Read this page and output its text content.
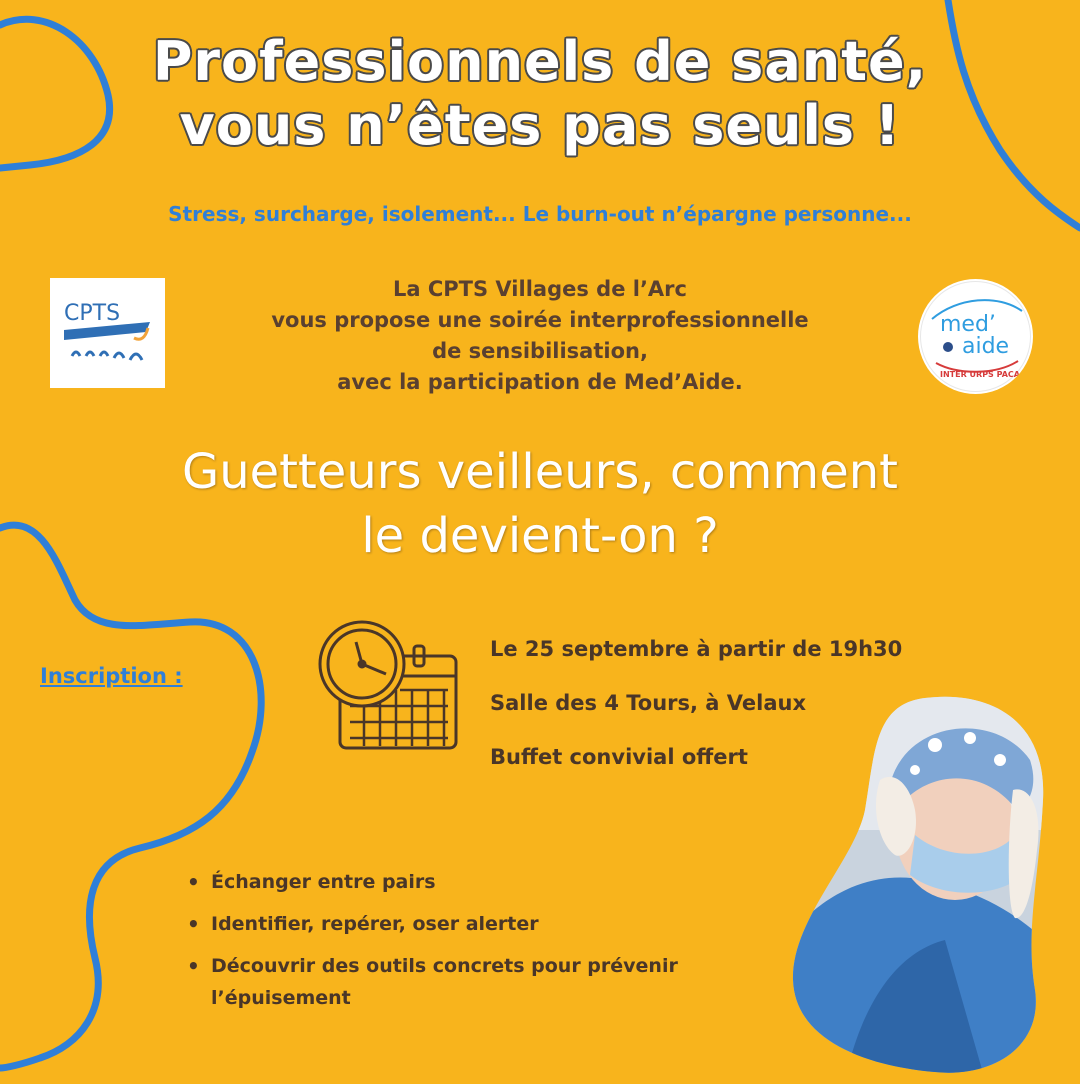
Professionnels de santé,
vous n’êtes pas seuls !
Stress, surcharge, isolement... Le burn-out n’épargne personne...
CPTS
La CPTS Villages de l’Arc
vous propose une soirée interprofessionnelle
de sensibilisation,
avec la participation de Med’Aide.
med’
aide
INTER URPS PACA
Guetteurs veilleurs, comment
le devient-on ?
Inscription :
Le 25 septembre à partir de 19h30
Salle des 4 Tours, à Velaux
Buffet convivial offert
• Échanger entre pairs
• Identifier, repérer, oser alerter
• Découvrir des outils concrets pour prévenir l’épuisement
